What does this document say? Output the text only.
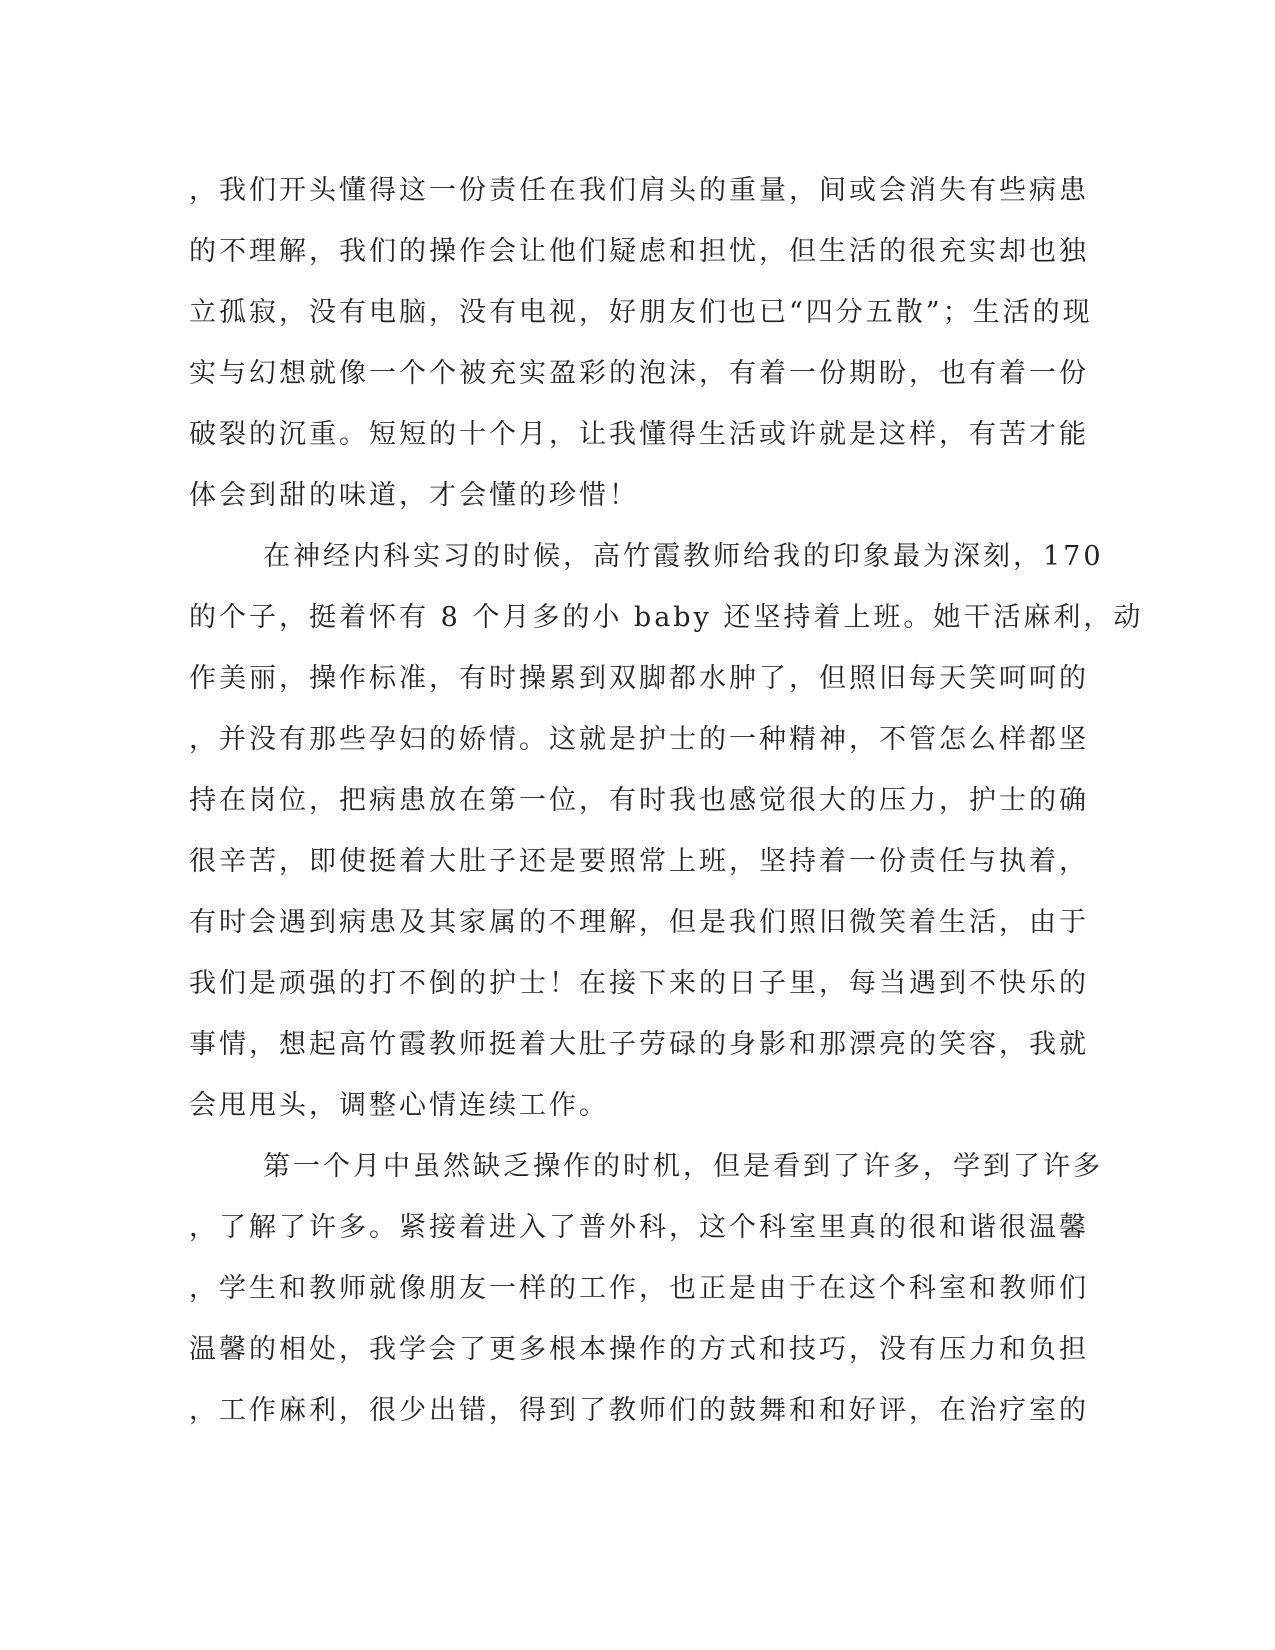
，我们开头懂得这一份责任在我们肩头的重量，间或会消失有些病患
的不理解，我们的操作会让他们疑虑和担忧，但生活的很充实却也独
立孤寂，没有电脑，没有电视，好朋友们也已“四分五散”；生活的现
实与幻想就像一个个被充实盈彩的泡沫，有着一份期盼，也有着一份
破裂的沉重。短短的十个月，让我懂得生活或许就是这样，有苦才能
体会到甜的味道，才会懂的珍惜！
在神经内科实习的时候，高竹霞教师给我的印象最为深刻，170
的个子，挺着怀有 8 个月多的小 baby 还坚持着上班。她干活麻利，动
作美丽，操作标准，有时操累到双脚都水肿了，但照旧每天笑呵呵的
，并没有那些孕妇的娇情。这就是护士的一种精神，不管怎么样都坚
持在岗位，把病患放在第一位，有时我也感觉很大的压力，护士的确
很辛苦，即使挺着大肚子还是要照常上班，坚持着一份责任与执着，
有时会遇到病患及其家属的不理解，但是我们照旧微笑着生活，由于
我们是顽强的打不倒的护士！在接下来的日子里，每当遇到不快乐的
事情，想起高竹霞教师挺着大肚子劳碌的身影和那漂亮的笑容，我就
会甩甩头，调整心情连续工作。
第一个月中虽然缺乏操作的时机，但是看到了许多，学到了许多
，了解了许多。紧接着进入了普外科，这个科室里真的很和谐很温馨
，学生和教师就像朋友一样的工作，也正是由于在这个科室和教师们
温馨的相处，我学会了更多根本操作的方式和技巧，没有压力和负担
，工作麻利，很少出错，得到了教师们的鼓舞和和好评，在治疗室的
